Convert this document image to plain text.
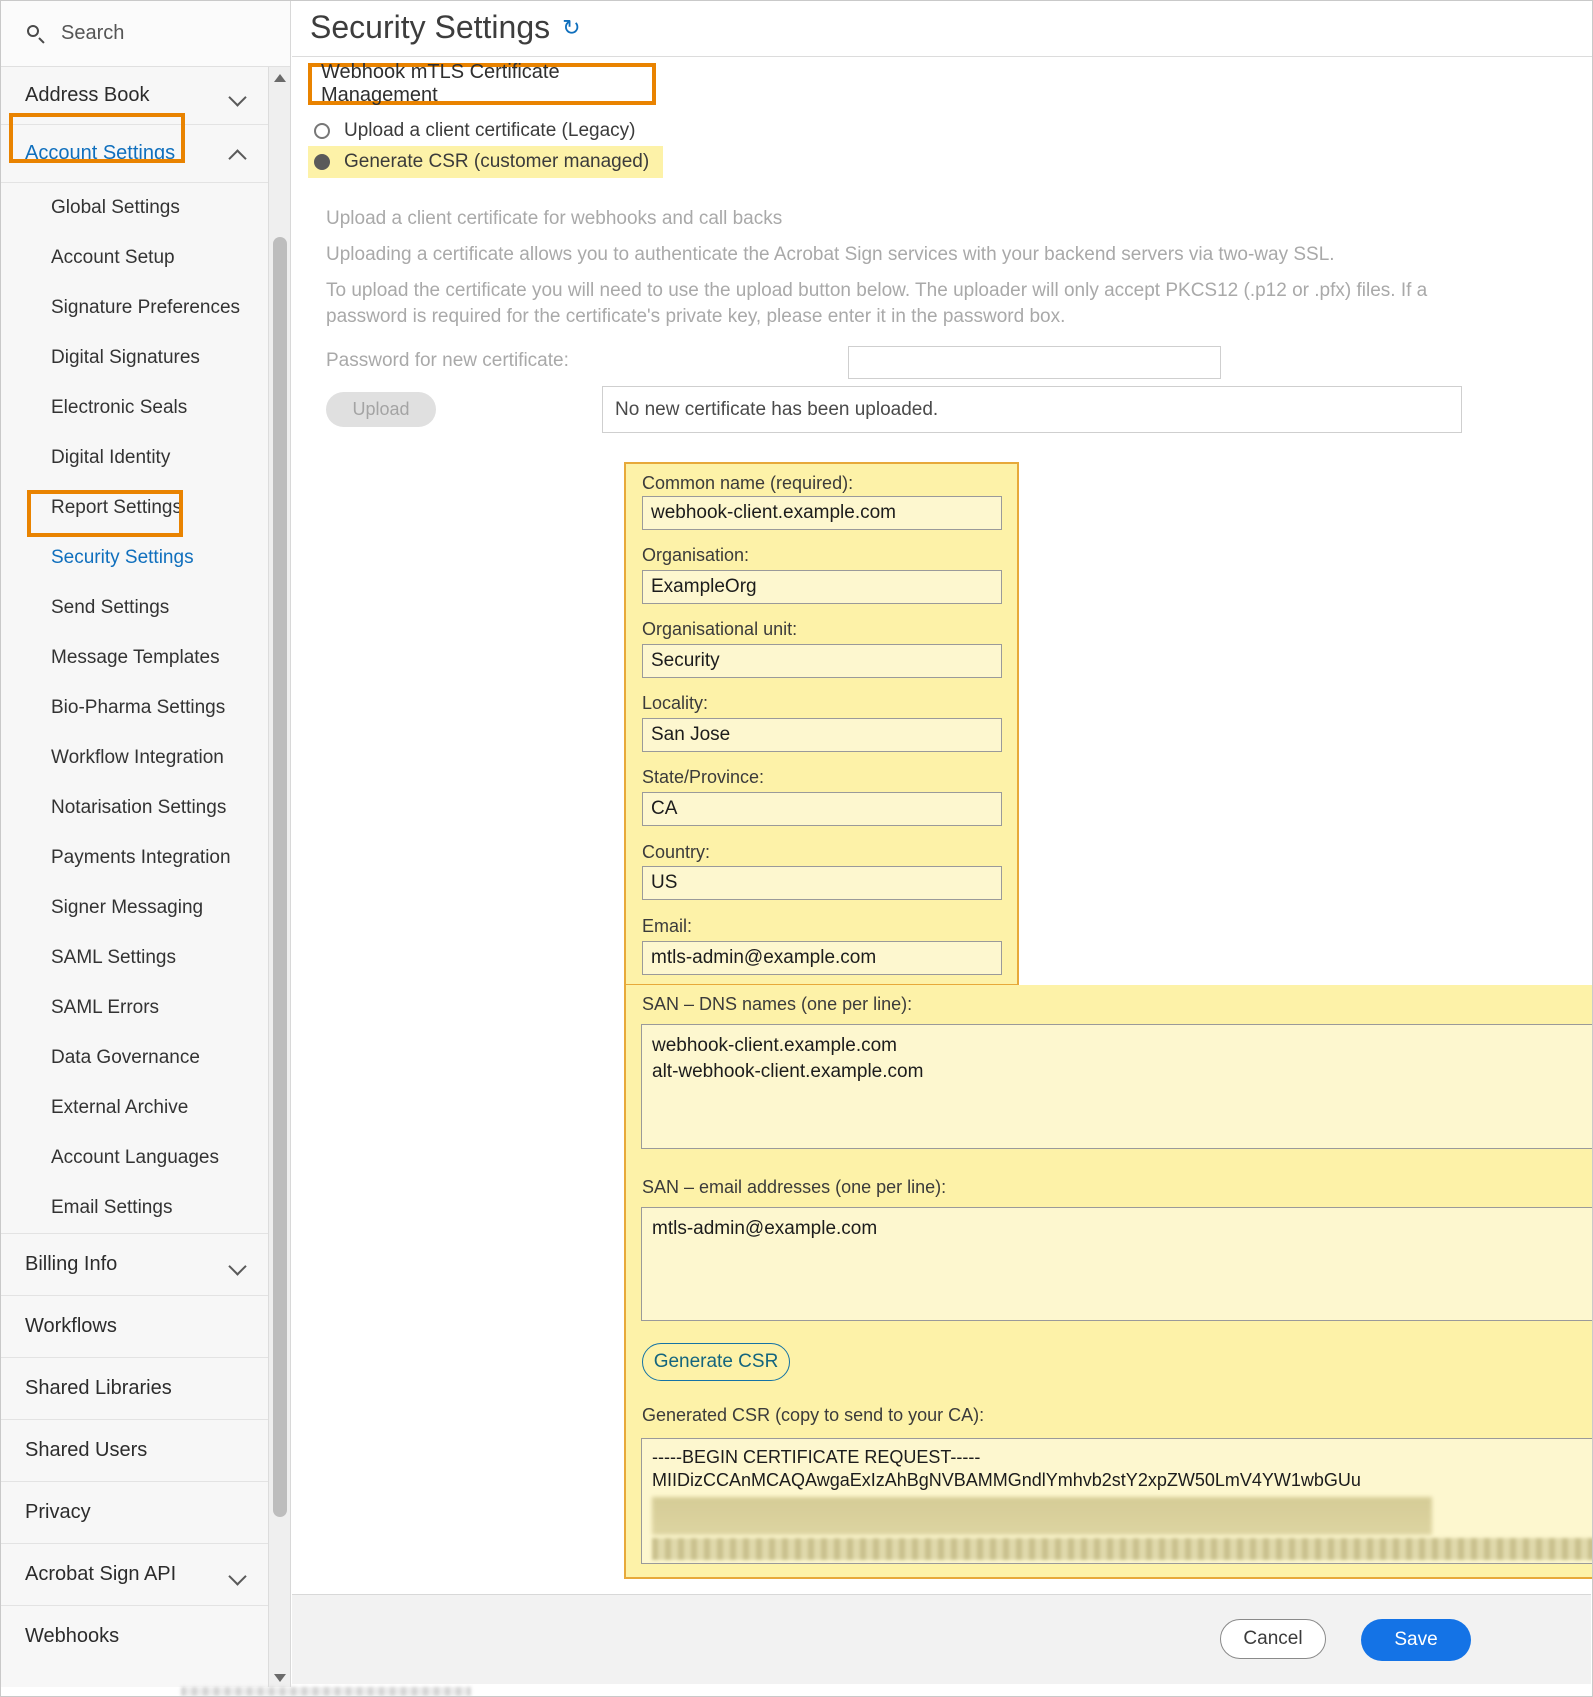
Search
Address Book
Account Settings
Global Settings
Account Setup
Signature Preferences
Digital Signatures
Electronic Seals
Digital Identity
Report Settings
Security Settings
Send Settings
Message Templates
Bio-Pharma Settings
Workflow Integration
Notarisation Settings
Payments Integration
Signer Messaging
SAML Settings
SAML Errors
Data Governance
External Archive
Account Languages
Email Settings
Billing Info
Workflows
Shared Libraries
Shared Users
Privacy
Acrobat Sign API
Webhooks
Security Settings ↻
Webhook mTLS Certificate Management
Upload a client certificate (Legacy)
Generate CSR (customer managed)
Upload a client certificate for webhooks and call backs
Uploading a certificate allows you to authenticate the Acrobat Sign services with your backend servers via two-way SSL.
To upload the certificate you will need to use the upload button below. The uploader will only accept PKCS12 (.p12 or .pfx) files. If a password is required for the certificate's private key, please enter it in the password box.
Password for new certificate:
Upload	No new certificate has been uploaded.
Common name (required):
webhook-client.example.com
Organisation:
ExampleOrg
Organisational unit:
Security
Locality:
San Jose
State/Province:
CA
Country:
US
Email:
mtls-admin@example.com
SAN – DNS names (one per line):
webhook-client.example.com alt-webhook-client.example.com
SAN – email addresses (one per line):
mtls-admin@example.com
Generate CSR
Generated CSR (copy to send to your CA):
-----BEGIN CERTIFICATE REQUEST-----
MIIDizCCAnMCAQAwgaExIzAhBgNVBAMMGndlYmhvb2stY2xpZW50LmV4YW1wbGUu
Cancel	Save
